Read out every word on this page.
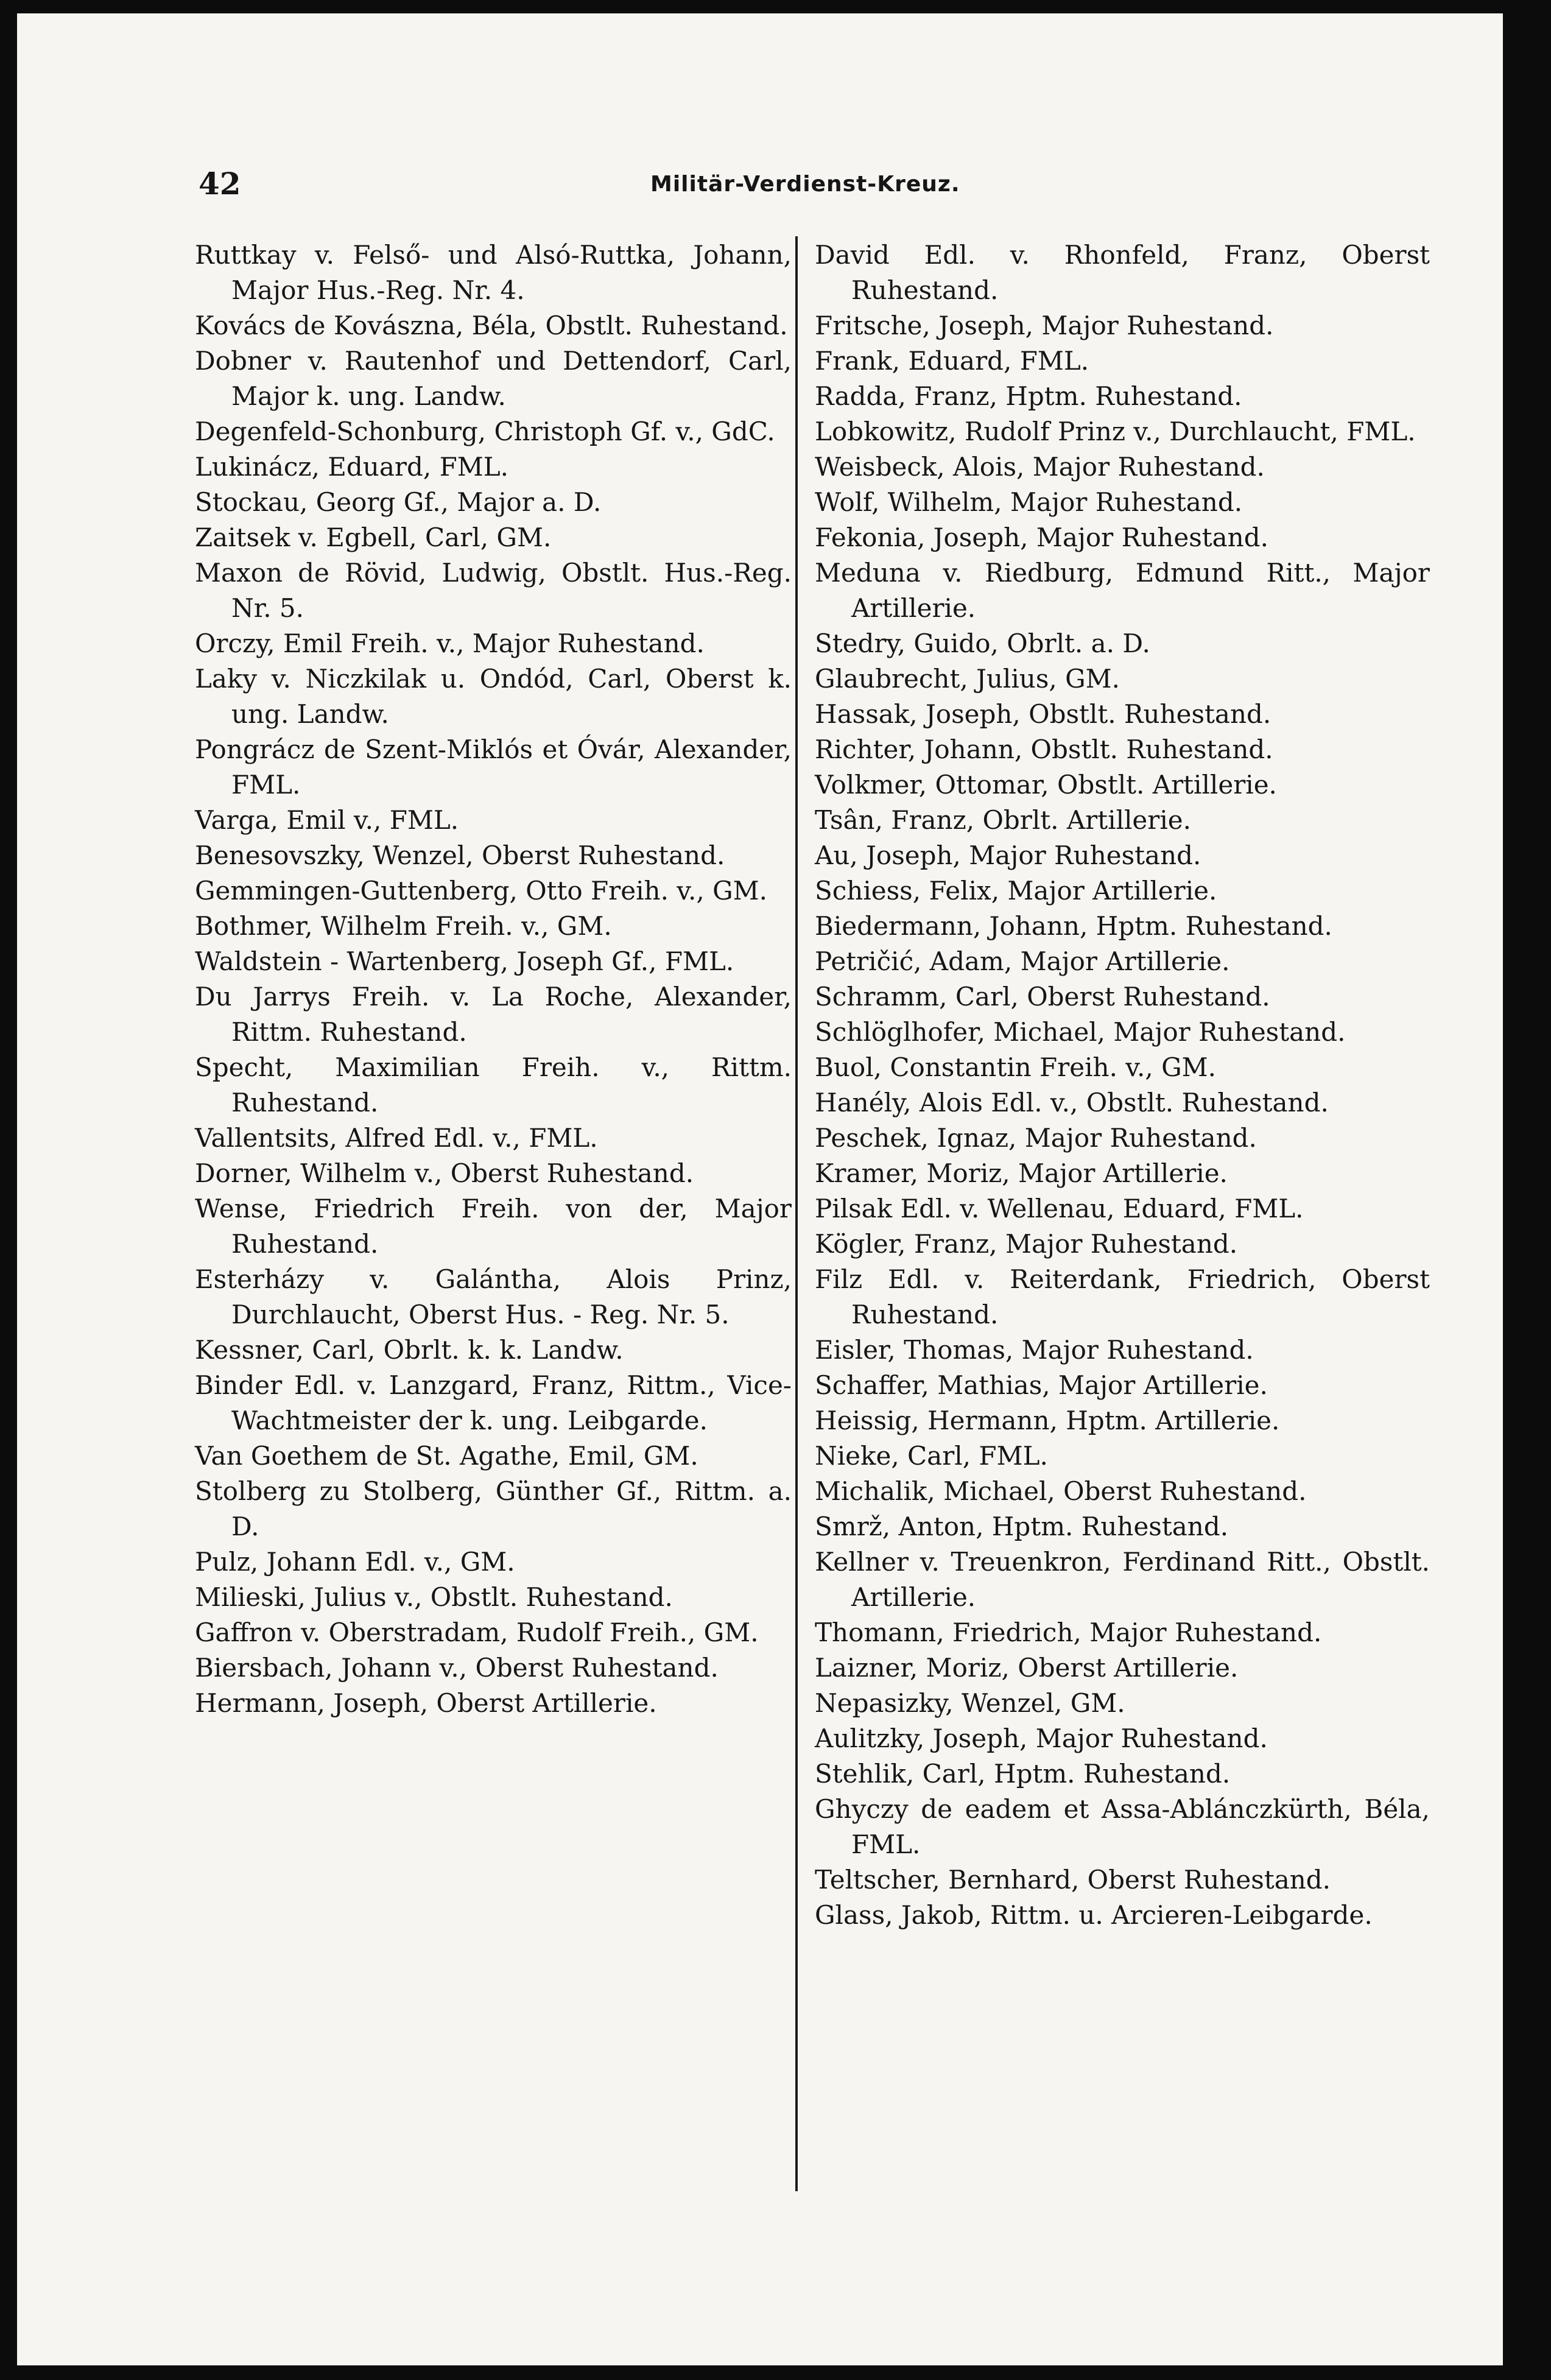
42	Militär-Verdienst-Kreuz.
Ruttkay v. Felső- und Alsó-Ruttka, Johann, Major Hus.-Reg. Nr. 4.
Kovács de Kovászna, Béla, Obstlt. Ruhestand.
Dobner v. Rautenhof und Dettendorf, Carl, Major k. ung. Landw.
Degenfeld-Schonburg, Christoph Gf. v., GdC.
Lukinácz, Eduard, FML.
Stockau, Georg Gf., Major a. D.
Zaitsek v. Egbell, Carl, GM.
Maxon de Rövid, Ludwig, Obstlt. Hus.-Reg. Nr. 5.
Orczy, Emil Freih. v., Major Ruhestand.
Laky v. Niczkilak u. Ondód, Carl, Oberst k. ung. Landw.
Pongrácz de Szent-Miklós et Óvár, Alexander, FML.
Varga, Emil v., FML.
Benesovszky, Wenzel, Oberst Ruhestand.
Gemmingen-Guttenberg, Otto Freih. v., GM.
Bothmer, Wilhelm Freih. v., GM.
Waldstein - Wartenberg, Joseph Gf., FML.
Du Jarrys Freih. v. La Roche, Alexander, Rittm. Ruhestand.
Specht, Maximilian Freih. v., Rittm. Ruhestand.
Vallentsits, Alfred Edl. v., FML.
Dorner, Wilhelm v., Oberst Ruhestand.
Wense, Friedrich Freih. von der, Major Ruhestand.
Esterházy v. Galántha, Alois Prinz, Durchlaucht, Oberst Hus. - Reg. Nr. 5.
Kessner, Carl, Obrlt. k. k. Landw.
Binder Edl. v. Lanzgard, Franz, Rittm., Vice-Wachtmeister der k. ung. Leibgarde.
Van Goethem de St. Agathe, Emil, GM.
Stolberg zu Stolberg, Günther Gf., Rittm. a. D.
Pulz, Johann Edl. v., GM.
Milieski, Julius v., Obstlt. Ruhestand.
Gaffron v. Oberstradam, Rudolf Freih., GM.
Biersbach, Johann v., Oberst Ruhestand.
Hermann, Joseph, Oberst Artillerie.
David Edl. v. Rhonfeld, Franz, Oberst Ruhestand.
Fritsche, Joseph, Major Ruhestand.
Frank, Eduard, FML.
Radda, Franz, Hptm. Ruhestand.
Lobkowitz, Rudolf Prinz v., Durchlaucht, FML.
Weisbeck, Alois, Major Ruhestand.
Wolf, Wilhelm, Major Ruhestand.
Fekonia, Joseph, Major Ruhestand.
Meduna v. Riedburg, Edmund Ritt., Major Artillerie.
Stedry, Guido, Obrlt. a. D.
Glaubrecht, Julius, GM.
Hassak, Joseph, Obstlt. Ruhestand.
Richter, Johann, Obstlt. Ruhestand.
Volkmer, Ottomar, Obstlt. Artillerie.
Tsân, Franz, Obrlt. Artillerie.
Au, Joseph, Major Ruhestand.
Schiess, Felix, Major Artillerie.
Biedermann, Johann, Hptm. Ruhestand.
Petričić, Adam, Major Artillerie.
Schramm, Carl, Oberst Ruhestand.
Schlöglhofer, Michael, Major Ruhestand.
Buol, Constantin Freih. v., GM.
Hanély, Alois Edl. v., Obstlt. Ruhestand.
Peschek, Ignaz, Major Ruhestand.
Kramer, Moriz, Major Artillerie.
Pilsak Edl. v. Wellenau, Eduard, FML.
Kögler, Franz, Major Ruhestand.
Filz Edl. v. Reiterdank, Friedrich, Oberst Ruhestand.
Eisler, Thomas, Major Ruhestand.
Schaffer, Mathias, Major Artillerie.
Heissig, Hermann, Hptm. Artillerie.
Nieke, Carl, FML.
Michalik, Michael, Oberst Ruhestand.
Smrž, Anton, Hptm. Ruhestand.
Kellner v. Treuenkron, Ferdinand Ritt., Obstlt. Artillerie.
Thomann, Friedrich, Major Ruhestand.
Laizner, Moriz, Oberst Artillerie.
Nepasizky, Wenzel, GM.
Aulitzky, Joseph, Major Ruhestand.
Stehlik, Carl, Hptm. Ruhestand.
Ghyczy de eadem et Assa-Ablánczkürth, Béla, FML.
Teltscher, Bernhard, Oberst Ruhestand.
Glass, Jakob, Rittm. u. Arcieren-Leibgarde.
